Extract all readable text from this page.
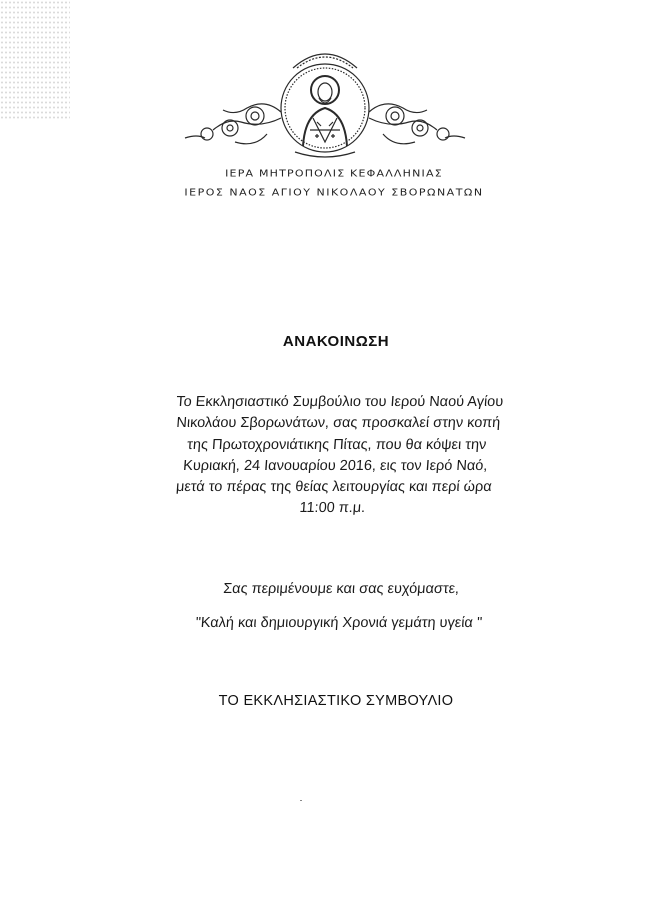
ΙΕΡΑ ΜΗΤΡΟΠΟΛΙΣ ΚΕΦΑΛΛΗΝΙΑΣ
ΙΕΡΟΣ ΝΑΟΣ ΑΓΙΟΥ ΝΙΚΟΛΑΟΥ ΣΒΟΡΩΝΑΤΩΝ
ΑΝΑΚΟΙΝΩΣΗ
Το Εκκλησιαστικό Συμβούλιο του Ιερού Ναού Αγίου
Νικολάου Σβορωνάτων, σας προσκαλεί στην κοπή
της Πρωτοχρονιάτικης Πίτας, που θα κόψει την
Κυριακή, 24 Ιανουαρίου 2016, εις τον Ιερό Ναό,
μετά το πέρας της θείας λειτουργίας και περί ώρα
11:00 π.μ.
Σας περιμένουμε και σας ευχόμαστε,
"Καλή και δημιουργική Χρονιά γεμάτη υγεία "
ΤΟ ΕΚΚΛΗΣΙΑΣΤΙΚΟ ΣΥΜΒΟΥΛΙΟ
